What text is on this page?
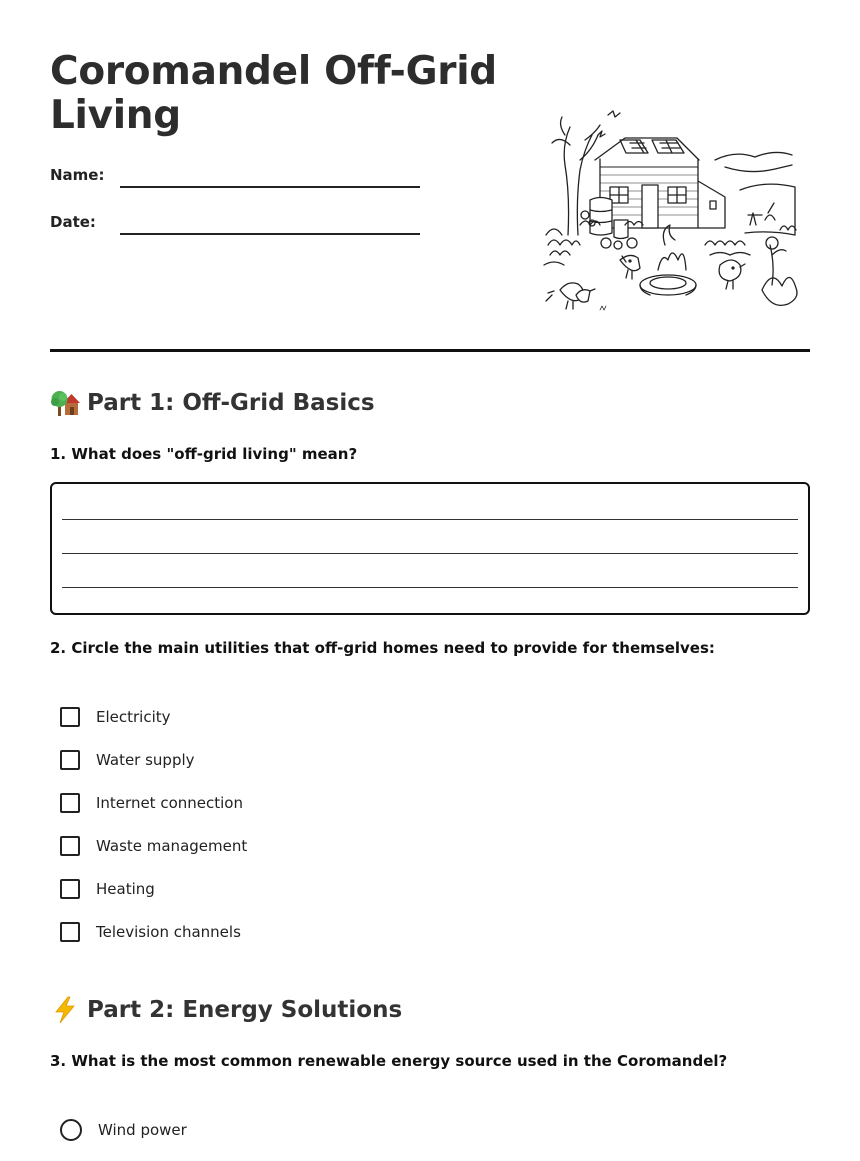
Coromandel Off-Grid Living
Name:
Date:
Part 1: Off-Grid Basics

1. What does "off-grid living" mean?

2. Circle the main utilities that off-grid homes need to provide for themselves:

Electricity
Water supply
Internet connection
Waste management
Heating
Television channels
Part 2: Energy Solutions

3. What is the most common renewable energy source used in the Coromandel?

Wind power
